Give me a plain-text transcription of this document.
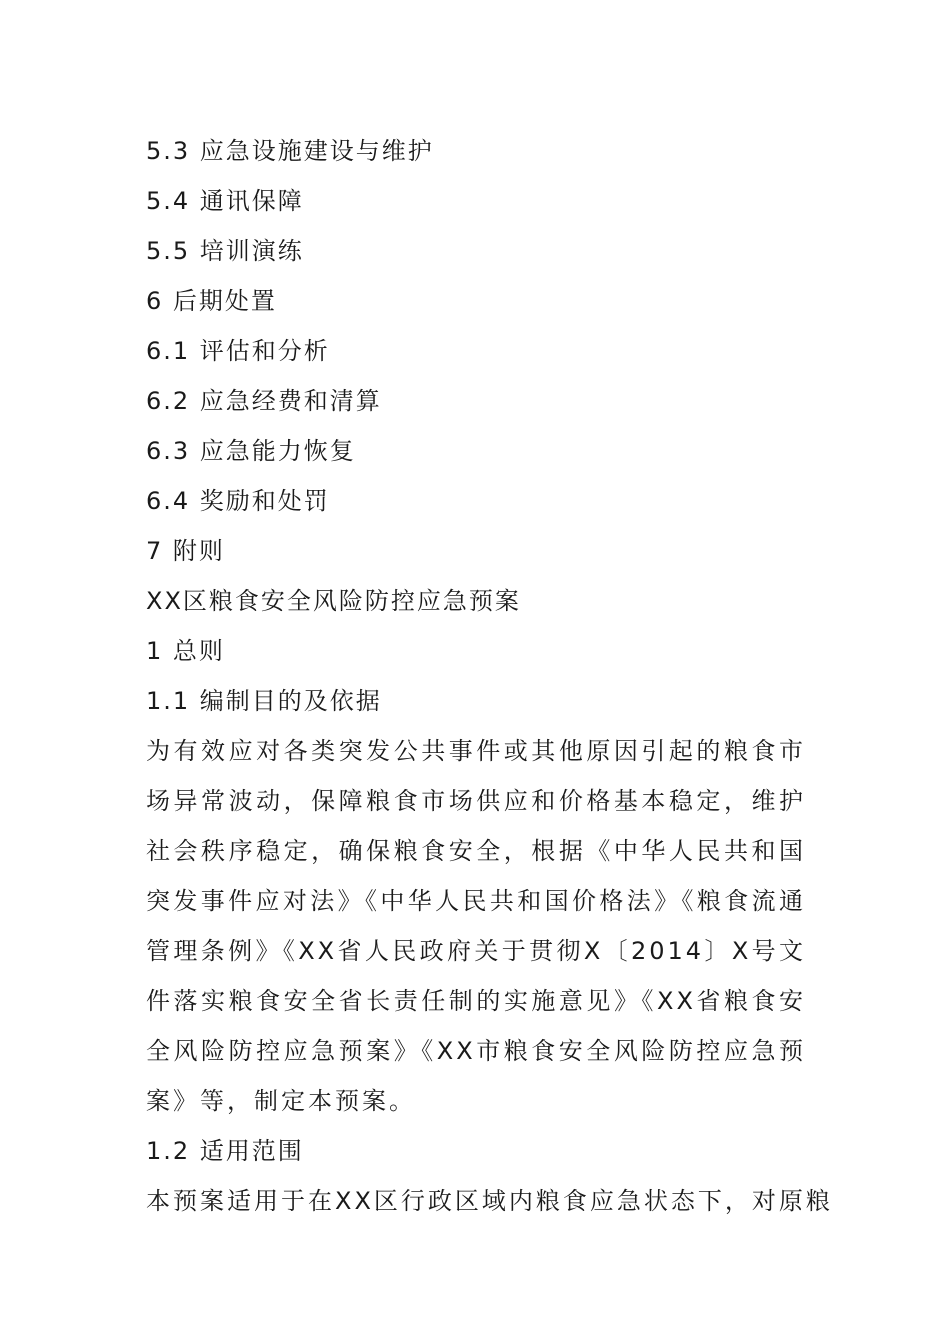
5.3 应急设施建设与维护
5.4 通讯保障
5.5 培训演练
6 后期处置
6.1 评估和分析
6.2 应急经费和清算
6.3 应急能力恢复
6.4 奖励和处罚
7 附则
XX区粮食安全风险防控应急预案
1 总则
1.1 编制目的及依据

为有效应对各类突发公共事件或其他原因引起的粮食市场异常波动，保障粮食市场供应和价格基本稳定，维护社会秩序稳定，确保粮食安全，根据《中华人民共和国突发事件应对法》《中华人民共和国价格法》《粮食流通管理条例》《XX省人民政府关于贯彻X〔2014〕X号文件落实粮食安全省长责任制的实施意见》《XX省粮食安全风险防控应急预案》《XX市粮食安全风险防控应急预案》等，制定本预案。

1.2 适用范围
本预案适用于在XX区行政区域内粮食应急状态下，对原粮
